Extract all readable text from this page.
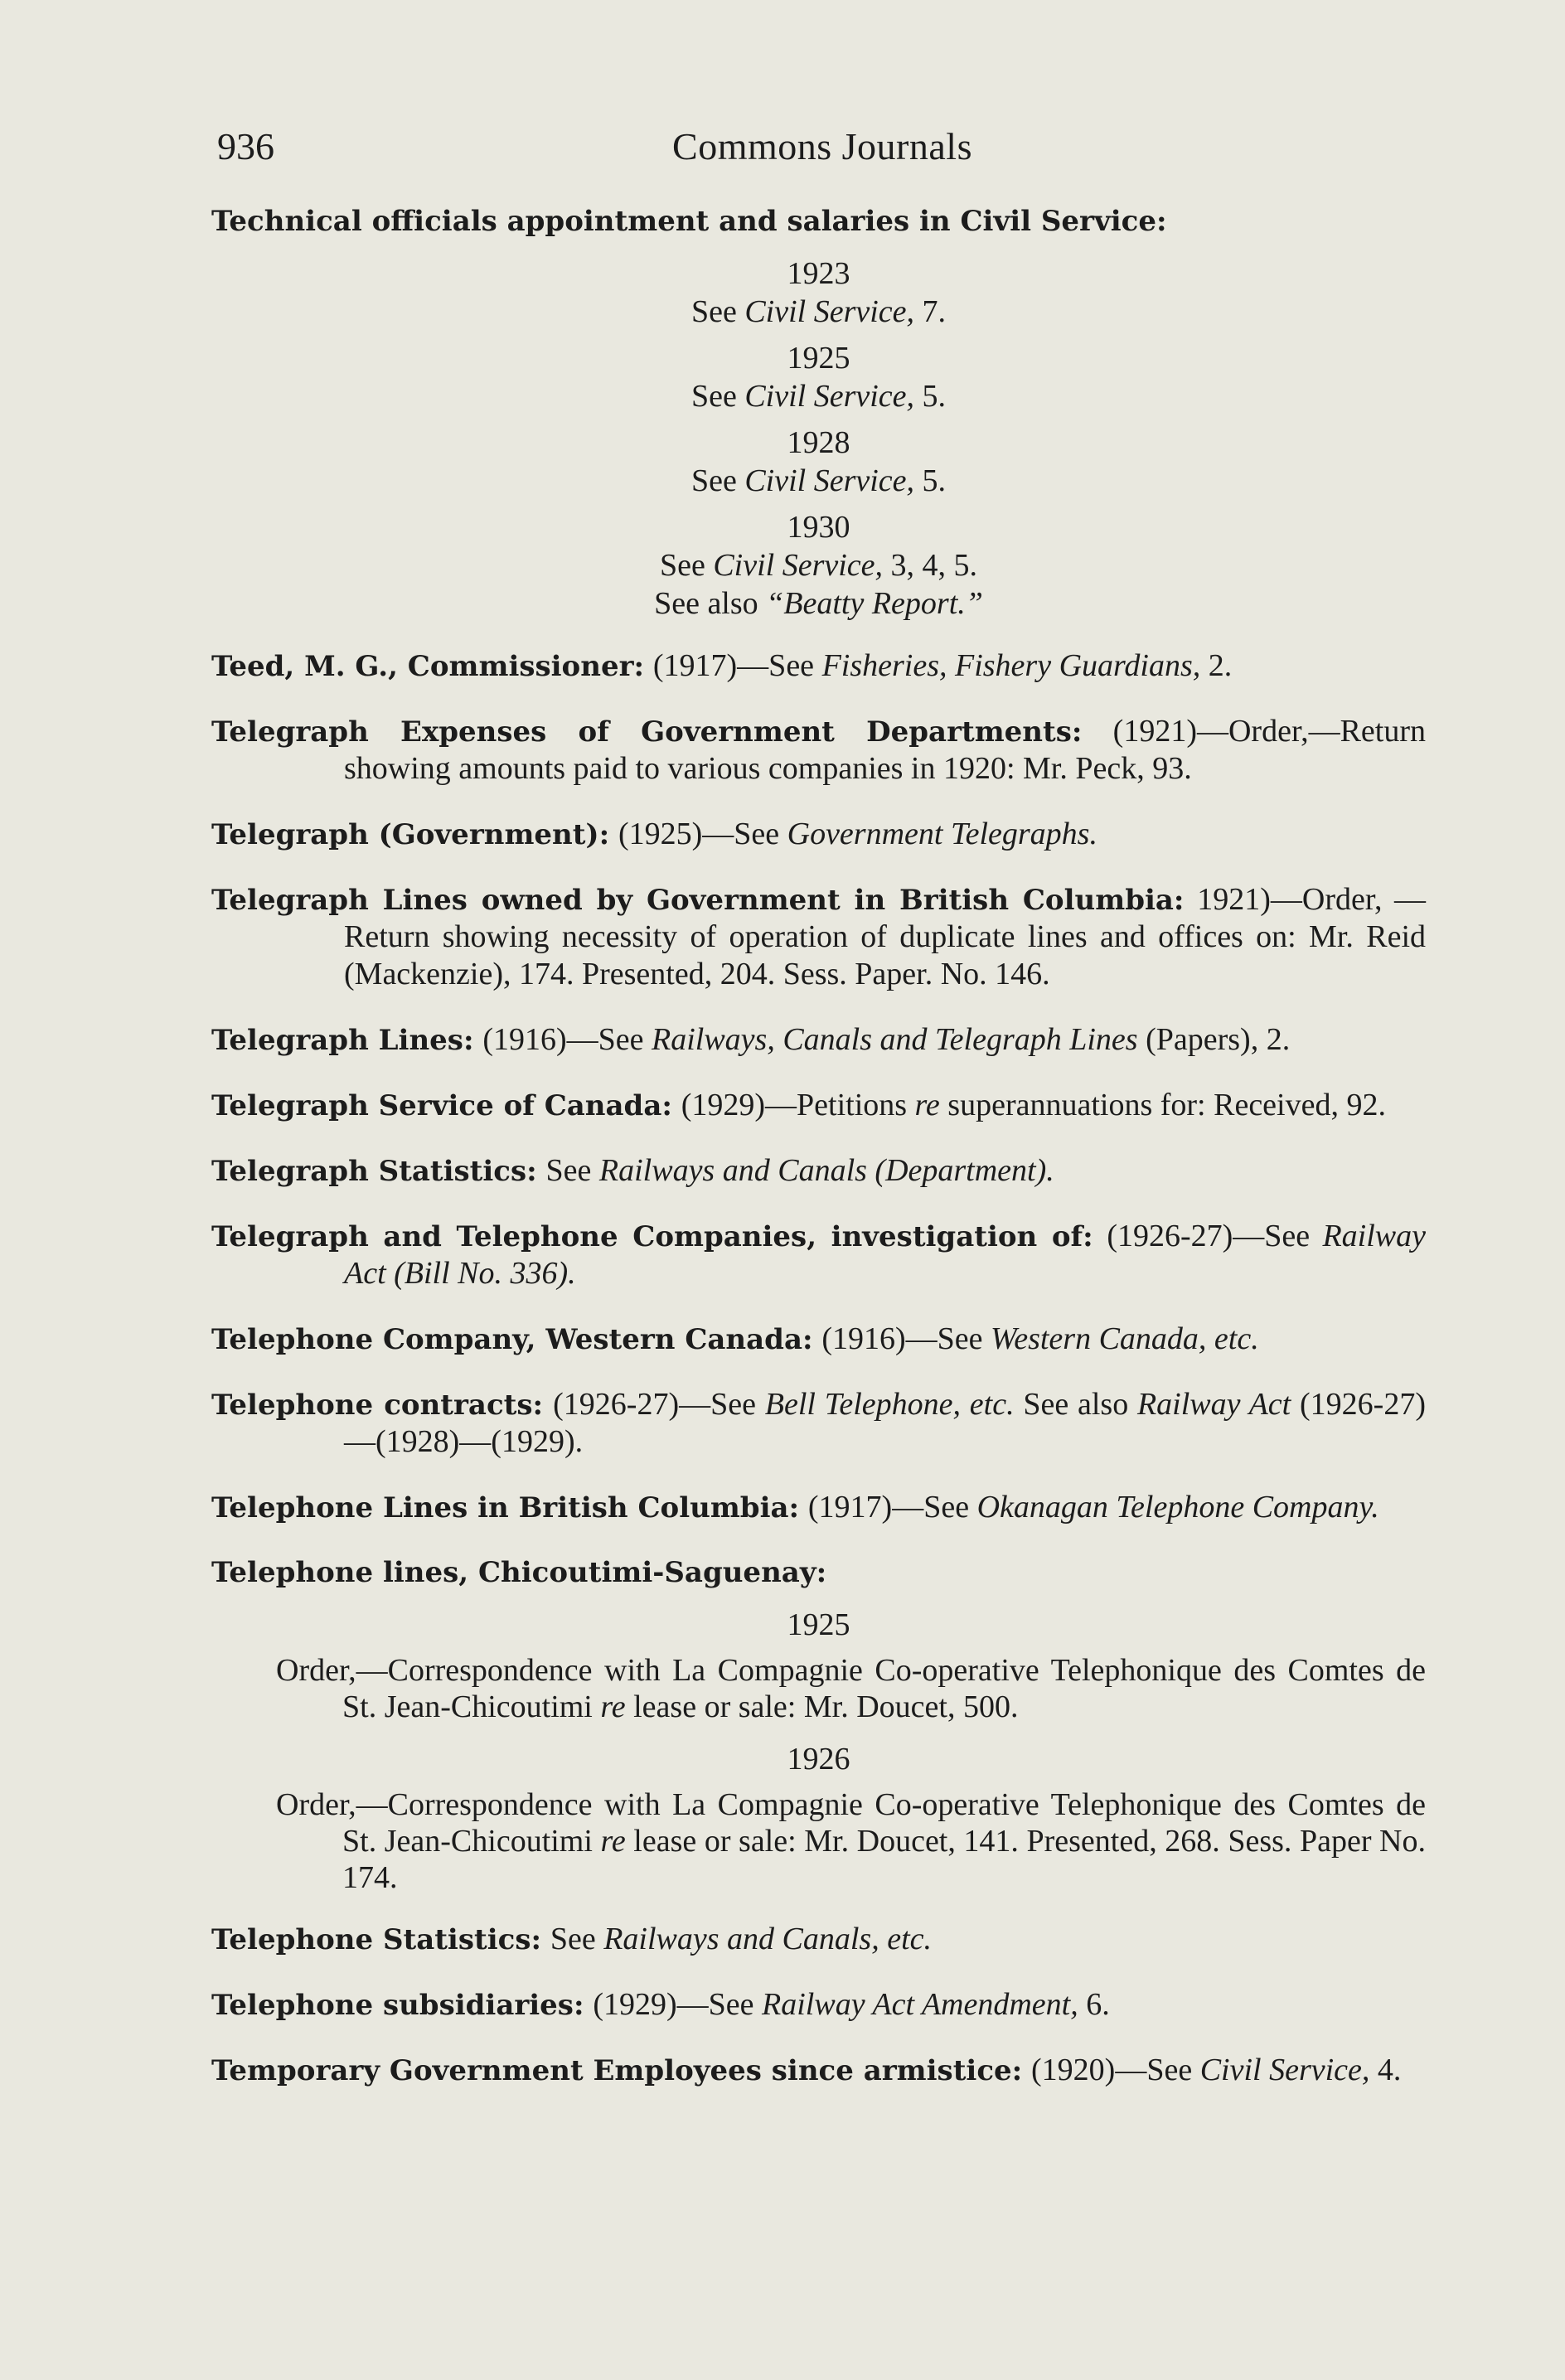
936	Commons Journals
Technical officials appointment and salaries in Civil Service:
1923
See Civil Service, 7.
1925
See Civil Service, 5.
1928
See Civil Service, 5.
1930
See Civil Service, 3, 4, 5.
See also “Beatty Report.”
Teed, M. G., Commissioner: (1917)—See Fisheries, Fishery Guardians, 2.
Telegraph Expenses of Government Departments: (1921)—Order,—Return showing amounts paid to various companies in 1920: Mr. Peck, 93.
Telegraph (Government): (1925)—See Government Telegraphs.
Telegraph Lines owned by Government in British Columbia: 1921)—Order, —Return showing necessity of operation of duplicate lines and offices on: Mr. Reid (Mackenzie), 174. Presented, 204. Sess. Paper. No. 146.
Telegraph Lines: (1916)—See Railways, Canals and Telegraph Lines (Papers), 2.
Telegraph Service of Canada: (1929)—Petitions re superannuations for: Received, 92.
Telegraph Statistics: See Railways and Canals (Department).
Telegraph and Telephone Companies, investigation of: (1926-27)—See Railway Act (Bill No. 336).
Telephone Company, Western Canada: (1916)—See Western Canada, etc.
Telephone contracts: (1926-27)—See Bell Telephone, etc. See also Railway Act (1926-27)—(1928)—(1929).
Telephone Lines in British Columbia: (1917)—See Okanagan Telephone Company.
Telephone lines, Chicoutimi-Saguenay:
1925
Order,—Correspondence with La Compagnie Co-operative Telephonique des Comtes de St. Jean-Chicoutimi re lease or sale: Mr. Doucet, 500.
1926
Order,—Correspondence with La Compagnie Co-operative Telephonique des Comtes de St. Jean-Chicoutimi re lease or sale: Mr. Doucet, 141. Presented, 268. Sess. Paper No. 174.
Telephone Statistics: See Railways and Canals, etc.
Telephone subsidiaries: (1929)—See Railway Act Amendment, 6.
Temporary Government Employees since armistice: (1920)—See Civil Service, 4.
